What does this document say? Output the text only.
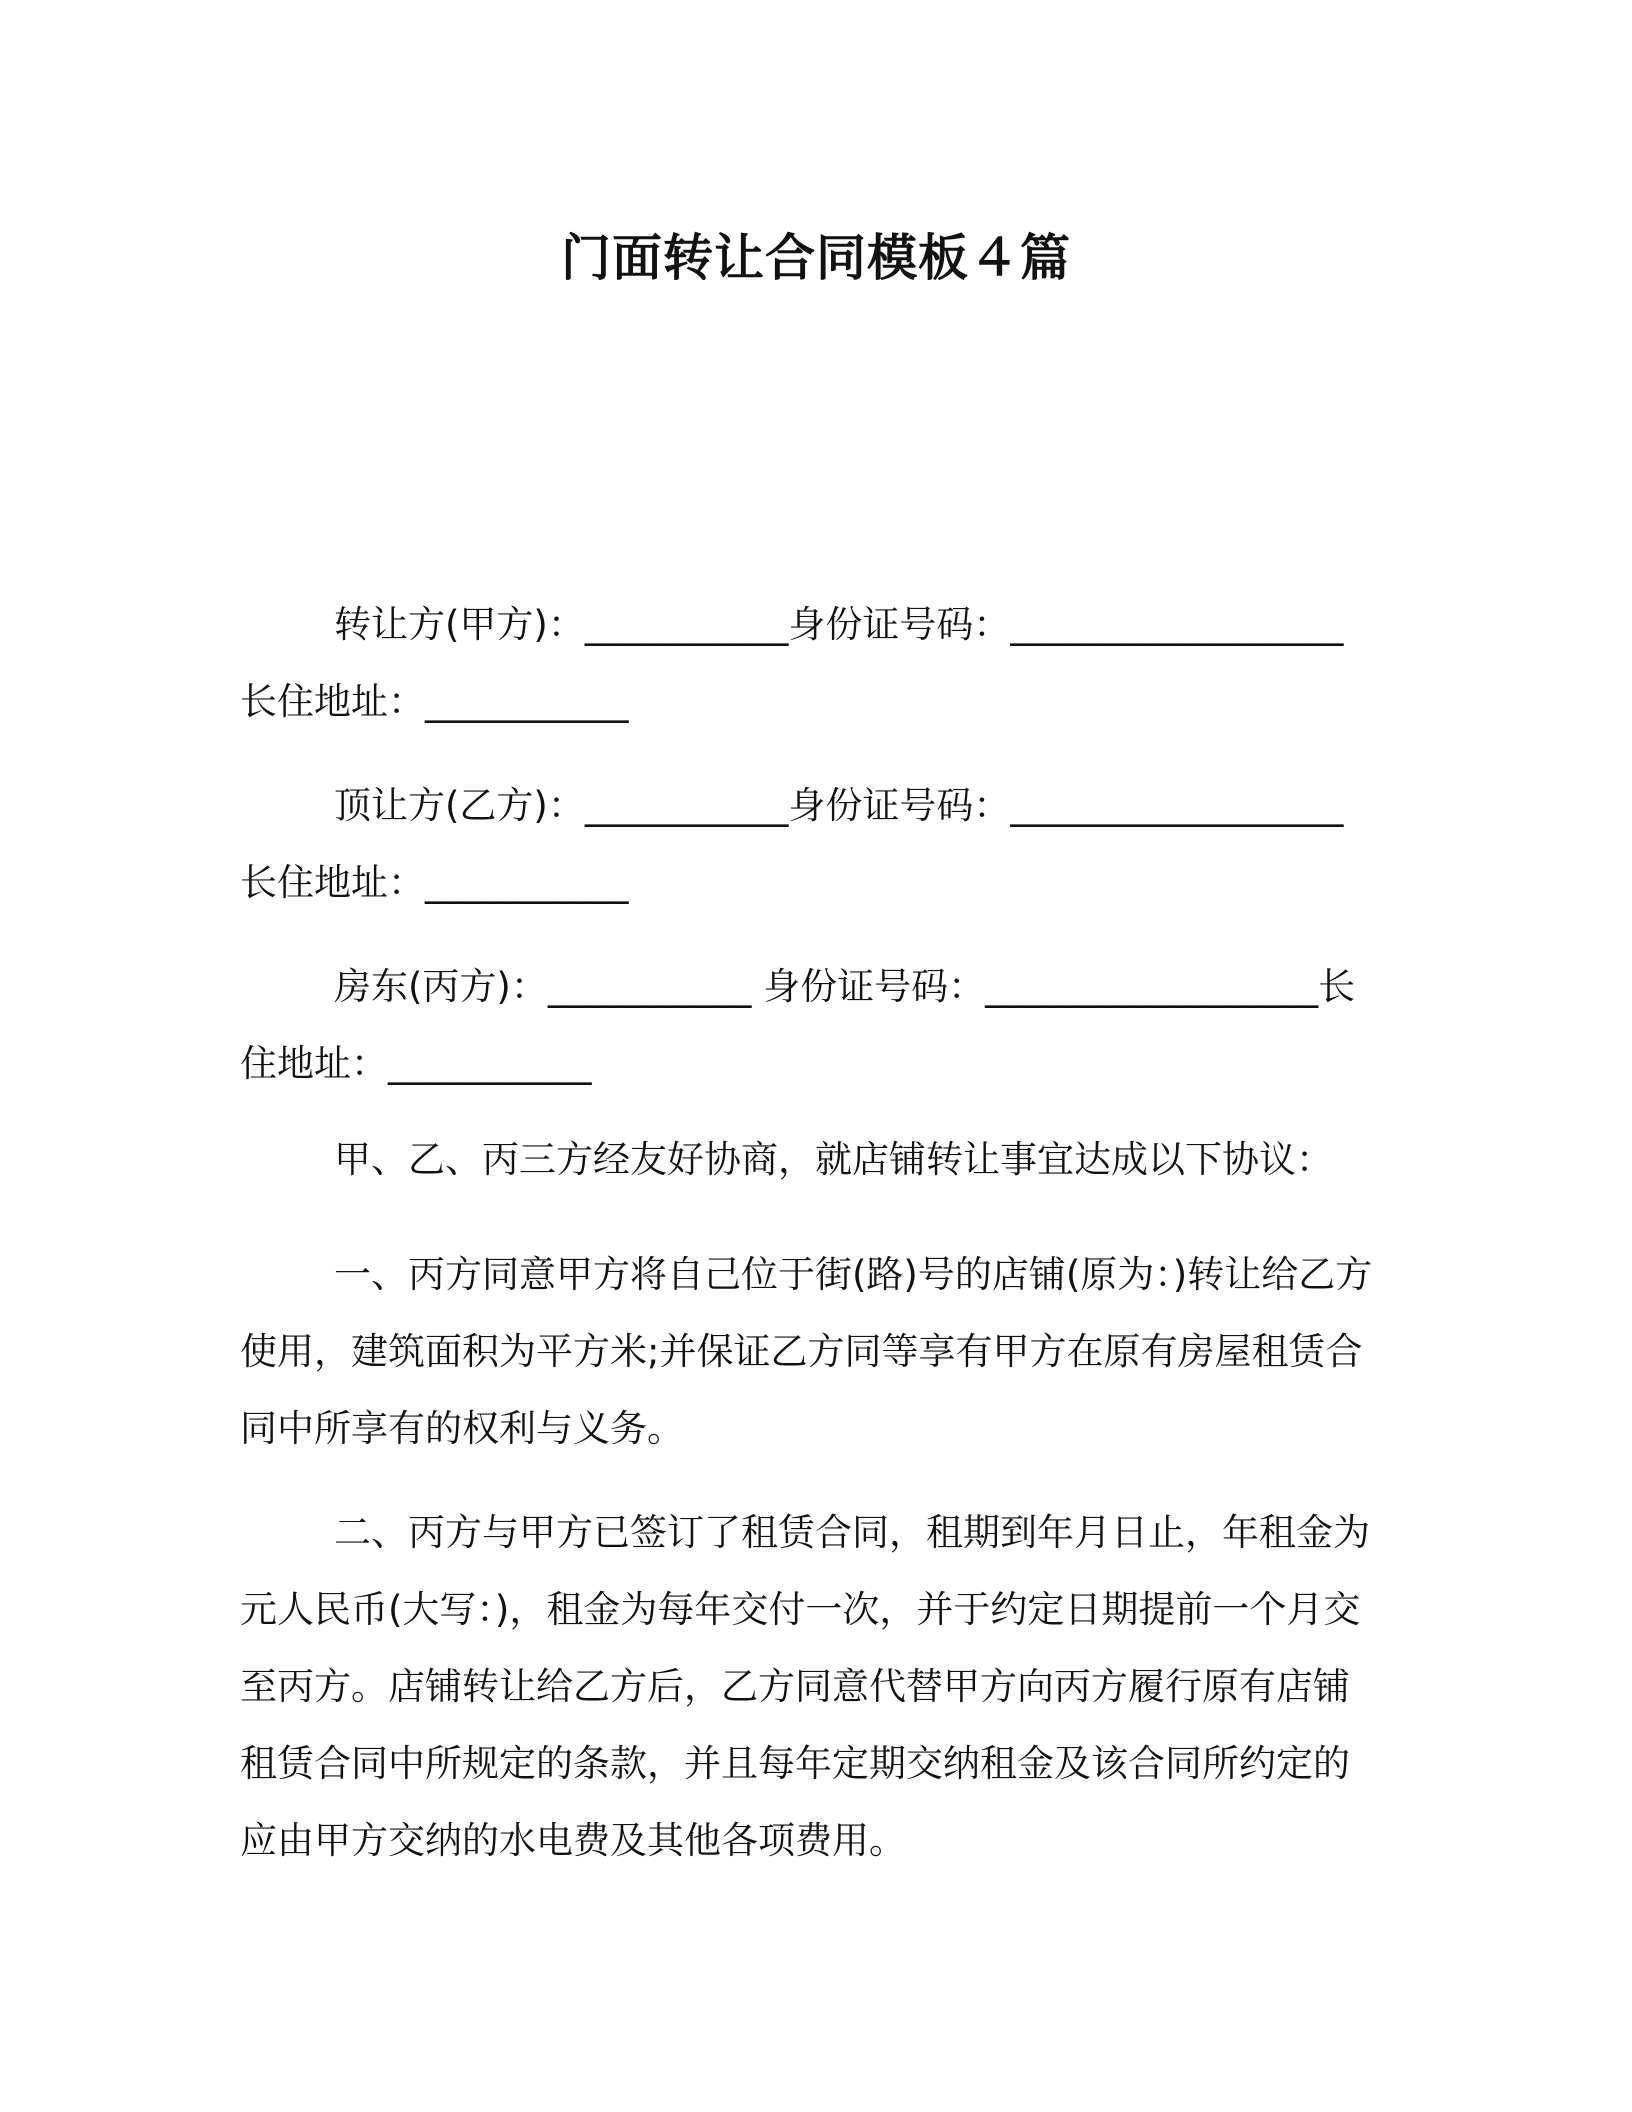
门面转让合同模板４篇

转让方(甲方)：___________身份证号码：__________________长住地址：___________

顶让方(乙方)：___________身份证号码：__________________长住地址：___________

房东(丙方)：___________ 身份证号码：__________________长住地址：___________

甲、乙、丙三方经友好协商，就店铺转让事宜达成以下协议：

一、丙方同意甲方将自己位于街(路)号的店铺(原为：)转让给乙方使用，建筑面积为平方米;并保证乙方同等享有甲方在原有房屋租赁合同中所享有的权利与义务。

二、丙方与甲方已签订了租赁合同，租期到年月日止，年租金为元人民币(大写：)，租金为每年交付一次，并于约定日期提前一个月交至丙方。店铺转让给乙方后，乙方同意代替甲方向丙方履行原有店铺租赁合同中所规定的条款，并且每年定期交纳租金及该合同所约定的应由甲方交纳的水电费及其他各项费用。
